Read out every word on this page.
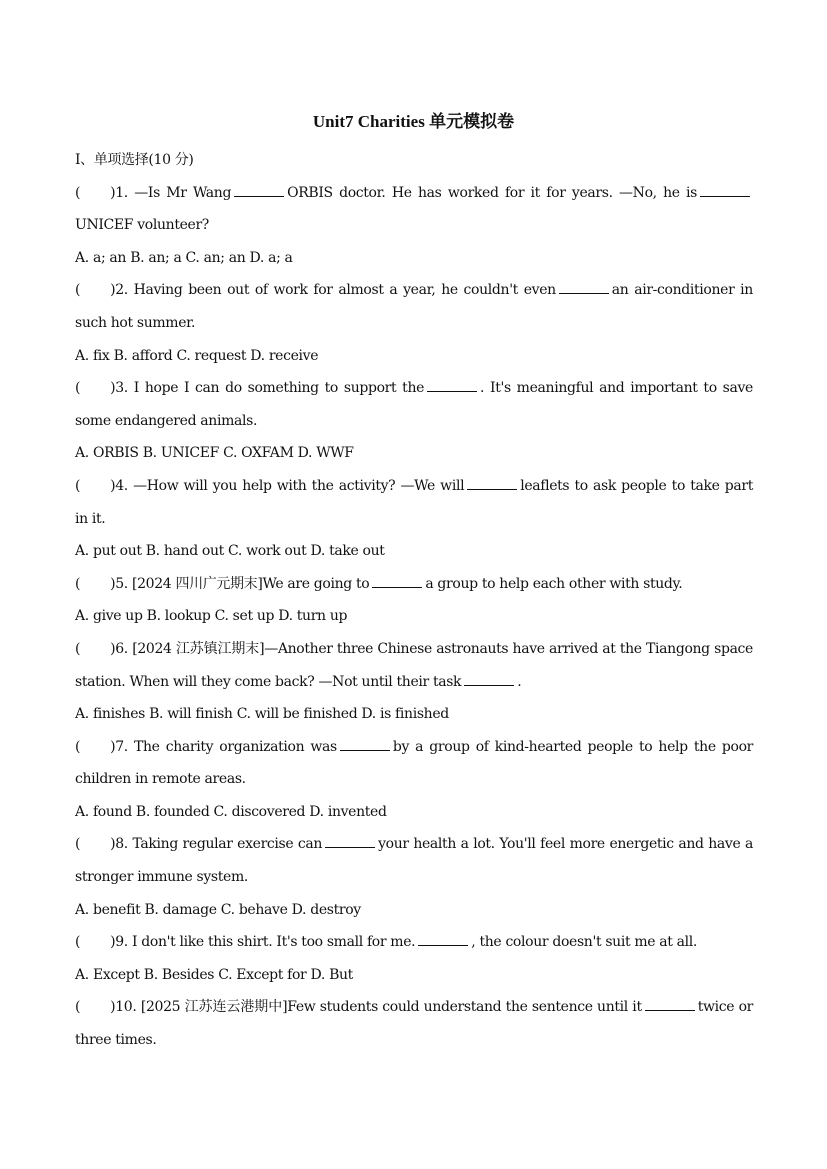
Unit7 Charities 单元模拟卷
I、单项选择(10 分)
( )1. —Is Mr Wang	ORBIS doctor. He has worked for it for years. —No, he isUNICEF volunteer?
A. a; an B. an; a C. an; an D. a; a
( )2. Having been out of work for almost a year, he couldn't even	an air-conditioner in such hot summer.
A. fix B. afford C. request D. receive
( )3. I hope I can do something to support the	. It's meaningful and important to save some endangered animals.
A. ORBIS B. UNICEF C. OXFAM D. WWF
( )4. —How will you help with the activity? —We will	leaflets to ask people to take part in it.
A. put out B. hand out C. work out D. take out
( )5. [2024 四川广元期末]We are going to	a group to help each other with study.
A. give up B. lookup C. set up D. turn up
( )6. [2024 江苏镇江期末]—Another three Chinese astronauts have arrived at the Tiangong space station. When will they come back? —Not until their task	.
A. finishes B. will finish C. will be finished D. is finished
( )7. The charity organization was	by a group of kind-hearted people to help the poor children in remote areas.
A. found B. founded C. discovered D. invented
( )8. Taking regular exercise can	your health a lot. You'll feel more energetic and have a stronger immune system.
A. benefit B. damage C. behave D. destroy
( )9. I don't like this shirt. It's too small for me.	, the colour doesn't suit me at all.
A. Except B. Besides C. Except for D. But
( )10. [2025 江苏连云港期中]Few students could understand the sentence until it	twice or three times.
